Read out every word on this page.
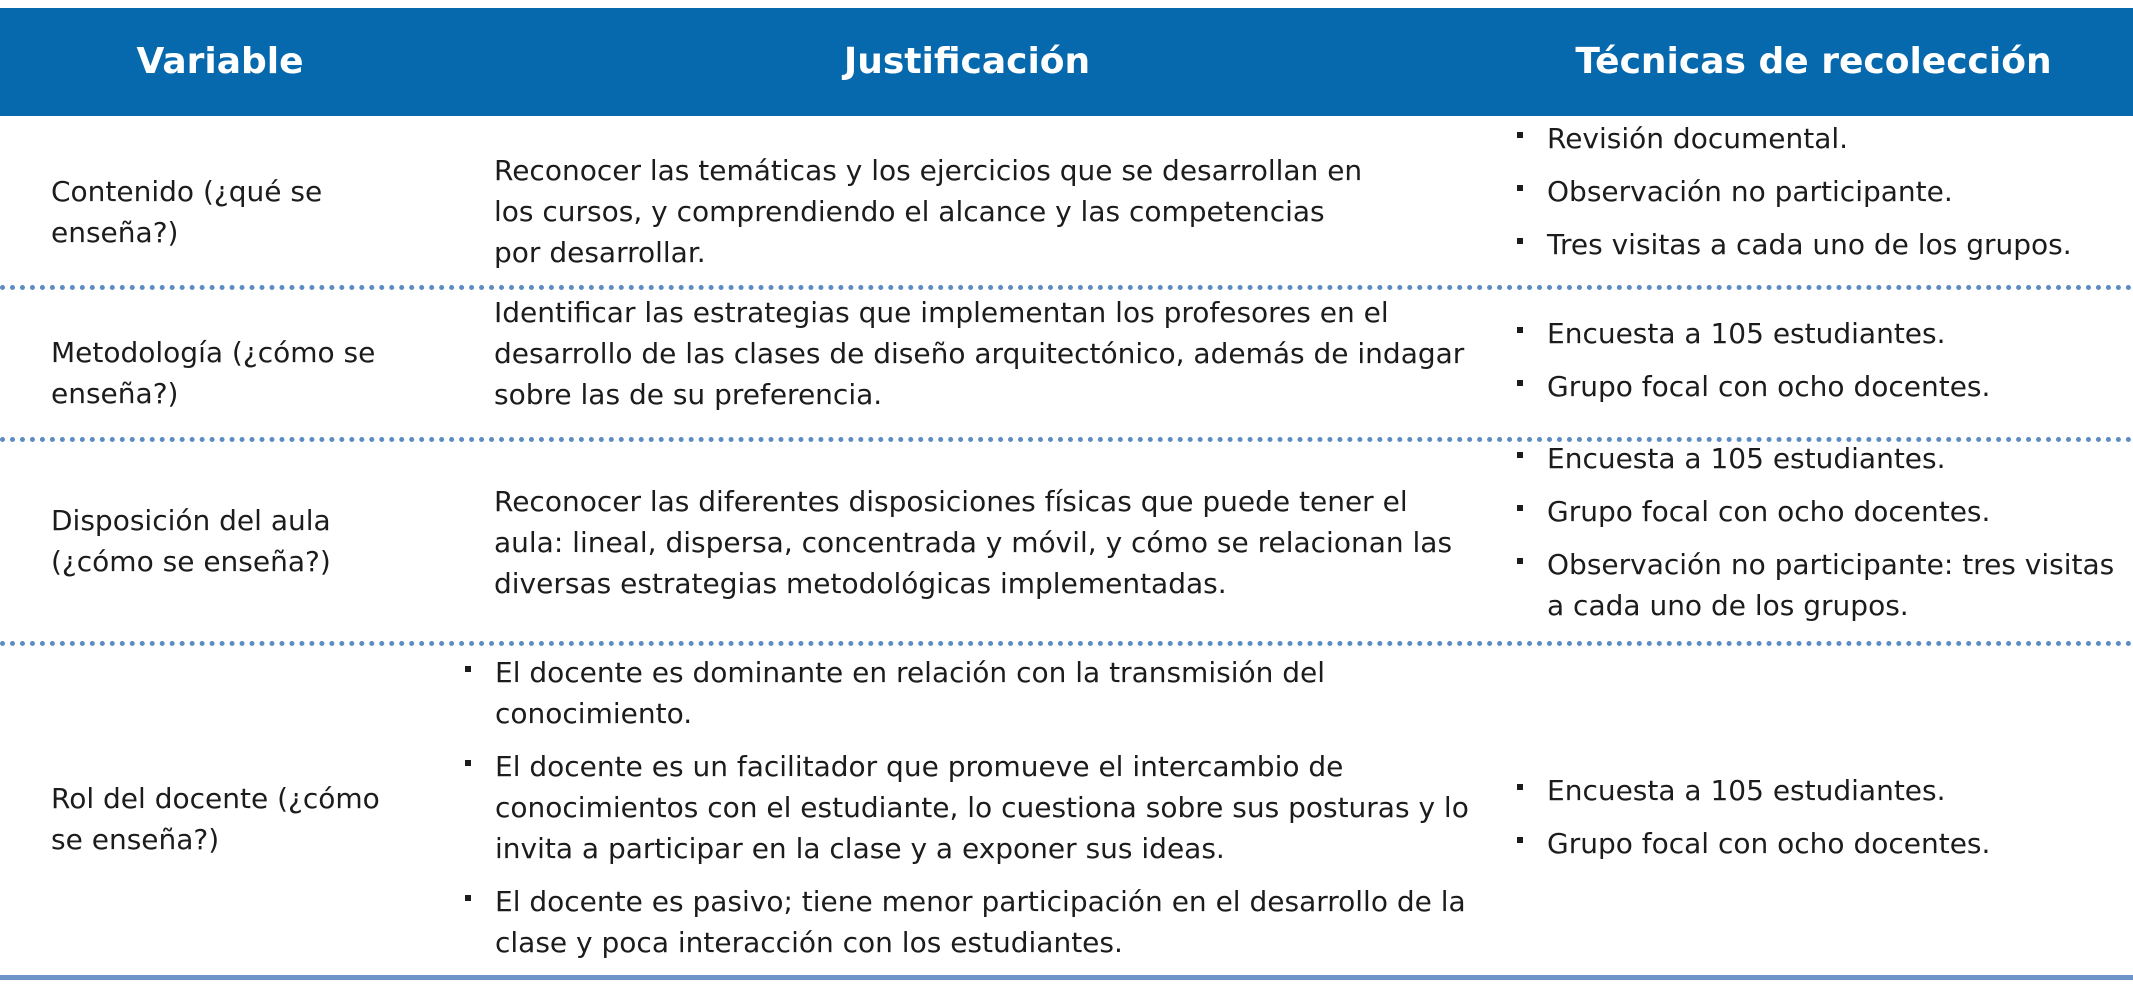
Variable	Justificación	Técnicas de recolección
Contenido (¿qué se enseña?)
Reconocer las temáticas y los ejercicios que se desarrollan en los cursos, y comprendiendo el alcance y las competencias por desarrollar.
Revisión documental.
Observación no participante.
Tres visitas a cada uno de los grupos.
Metodología (¿cómo se enseña?)
Identificar las estrategias que implementan los profesores en el desarrollo de las clases de diseño arquitectónico, además de indagar sobre las de su preferencia.
Encuesta a 105 estudiantes.
Grupo focal con ocho docentes.
Disposición del aula (¿cómo se enseña?)
Reconocer las diferentes disposiciones físicas que puede tener el aula: lineal, dispersa, concentrada y móvil, y cómo se relacionan las diversas estrategias metodológicas implementadas.
Encuesta a 105 estudiantes.
Grupo focal con ocho docentes.
Observación no participante: tres visitas a cada uno de los grupos.
Rol del docente (¿cómo se enseña?)
El docente es dominante en relación con la transmisión del conocimiento.
El docente es un facilitador que promueve el intercambio de conocimientos con el estudiante, lo cuestiona sobre sus posturas y lo invita a participar en la clase y a exponer sus ideas.
El docente es pasivo; tiene menor participación en el desarrollo de la clase y poca interacción con los estudiantes.
Encuesta a 105 estudiantes.
Grupo focal con ocho docentes.
